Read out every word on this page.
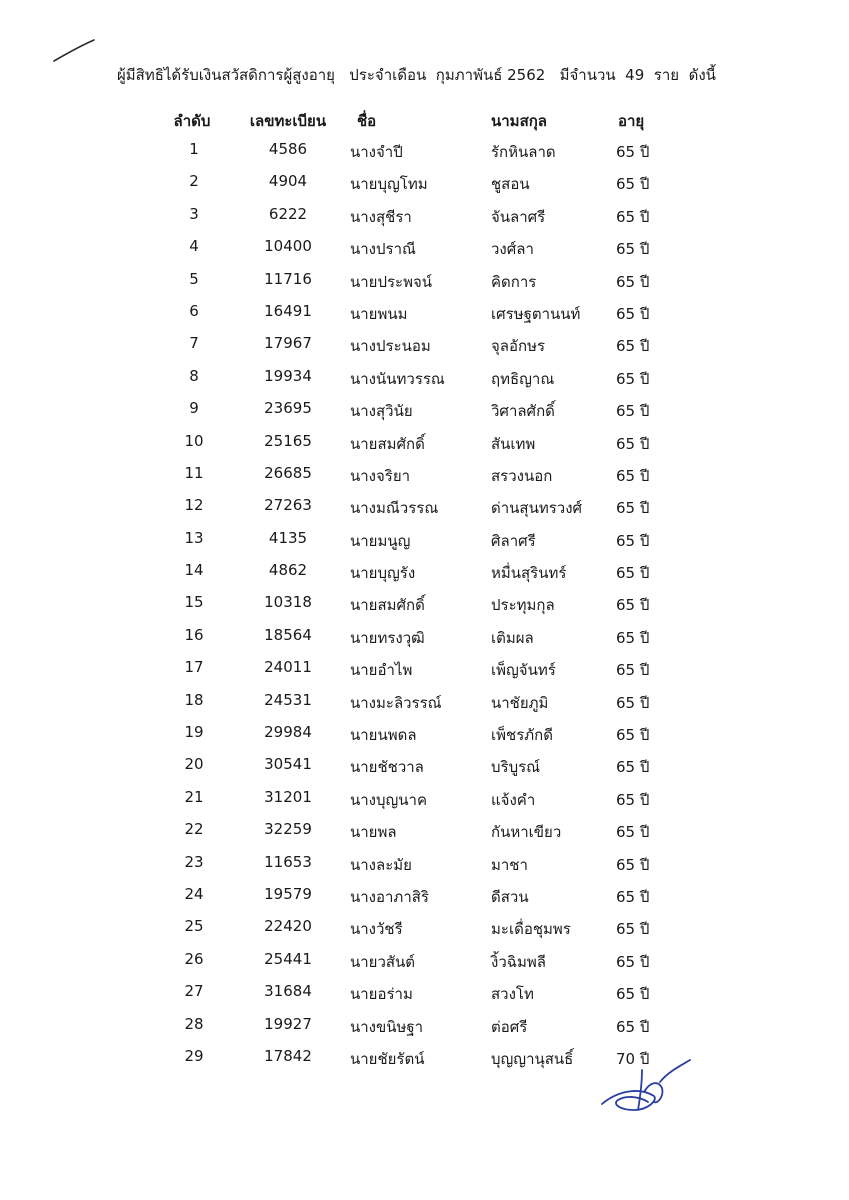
ผู้มีสิทธิได้รับเงินสวัสดิการผู้สูงอายุ   ประจำเดือน  กุมภาพันธ์ 2562   มีจำนวน  49  ราย  ดังนี้
ลำดับ	เลขทะเบียน	ชื่อ	นามสกุล	อายุ
1	4586	นางจำปี	รักหินลาด	65 ปี
2	4904	นายบุญโทม	ชูสอน	65 ปี
3	6222	นางสุชีรา	จันลาศรี	65 ปี
4	10400	นางปราณี	วงศ์ลา	65 ปี
5	11716	นายประพจน์	คิดการ	65 ปี
6	16491	นายพนม	เศรษฐตานนท์ 65 ปี
7	17967	นางประนอม	จุลอักษร	65 ปี
8	19934	นางนันทวรรณ	ฤทธิญาณ	65 ปี
9	23695	นางสุวินัย	วิศาลศักดิ์	65 ปี
10	25165	นายสมศักดิ์	สันเทพ	65 ปี
11	26685	นางจริยา	สรวงนอก	65 ปี
12	27263	นางมณีวรรณ	ด่านสุนทรวงศ์ 65 ปี
13	4135	นายมนูญ	ศิลาศรี	65 ปี
14	4862	นายบุญรัง	หมื่นสุรินทร์	65 ปี
15	10318	นายสมศักดิ์	ประทุมกุล	65 ปี
16	18564	นายทรงวุฒิ	เติมผล	65 ปี
17	24011	นายอำไพ	เพ็ญจันทร์	65 ปี
18	24531	นางมะลิวรรณ์	นาชัยภูมิ	65 ปี
19	29984	นายนพดล	เพ็ชรภักดี	65 ปี
20	30541	นายชัชวาล	บริบูรณ์	65 ปี
21	31201	นางบุญนาค	แจ้งคำ	65 ปี
22	32259	นายพล	กันหาเขียว	65 ปี
23	11653	นางละมัย	มาชา	65 ปี
24	19579	นางอาภาสิริ	ดีสวน	65 ปี
25	22420	นางวัชรี	มะเดื่อชุมพร	65 ปี
26	25441	นายวสันต์	งิ้วฉิมพลี	65 ปี
27	31684	นายอร่าม	สวงโท	65 ปี
28	19927	นางขนิษฐา	ต่อศรี	65 ปี
29	17842	นายชัยรัตน์	บุญญานุสนธิ์	70 ปี
